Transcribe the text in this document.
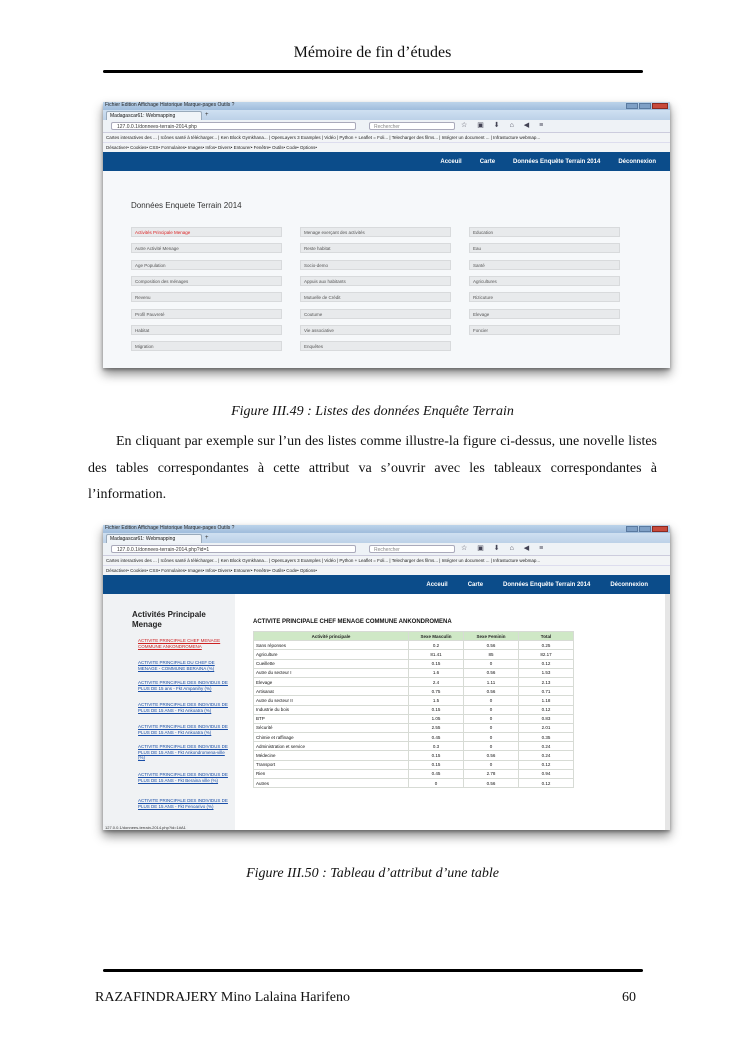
Mémoire de fin d’études
Fichier Édition Affichage Historique Marque-pages Outils ?
Madagascar61: Webmapping	+
127.0.0.1/donnees-terrain-2014.php	Rechercher	☆ ▣ ⬇ ⌂ ◀ ≡
Cartes interactives des ... | Icônes santé à télécharger... | Ken Block Gymkhana... | OpenLayers 3 Examples | Vidéo | Python + Leaflet = Foli... | Telecharger des films... | Intégrer un document ... | Infrastucture webmap...
Désactiver• Cookies• CSS• Formulaires• Images• Infos• Divers• Entourer• Fenêtre• Outils• Code• Options•
Acceuil	Carte	Données Enquête Terrain 2014	Déconnexion
Données Enquete Terrain 2014
Activités Principale Menage
Autre Activité Menage
Age Population
Composition des ménages
Revenu
Profil Pauvreté
Habitat
Migration
Menage exerçant des activités
Reste habitat
Socio-demo
Appuis aux habitants
Mutuelle de Crédit
Coutume
Vie associative
Enquêtes
Education
Eau
Santé
Agricultures
Rizicuture
Elevage
Foncier
Figure III.49 : Listes des données Enquête Terrain
En cliquant par exemple sur l’un des listes comme illustre-la figure ci-dessus, une novelle listes des tables correspondantes à cette attribut va s’ouvrir avec les tableaux correspondantes à l’information.
Fichier Édition Affichage Historique Marque-pages Outils ?
Madagascar61: Webmapping	+
127.0.0.1/donnees-terrain-2014.php?id=1	Rechercher	☆ ▣ ⬇ ⌂ ◀ ≡
Cartes interactives des ... | Icônes santé à télécharger... | Ken Block Gymkhana... | OpenLayers 3 Examples | Vidéo | Python + Leaflet = Foli... | Telecharger des films... | Intégrer un document ... | Infrastucture webmap...
Désactiver• Cookies• CSS• Formulaires• Images• Infos• Divers• Entourer• Fenêtre• Outils• Code• Options•
Acceuil	Carte	Données Enquête Terrain 2014	Déconnexion
Activités Principale Menage
ACTIVITE PRINCIPALE CHEF MENAGE COMMUNE ANKONDROMENA
ACTIVITE PRINCIPALE DU CHEF DE MENAGE - COMMUNE BERAINA (%)
ACTIVITE PRINCIPALE DES INDIVIDUS DE PLUS DE 15 ans - Fkt Ampanihy (%)
ACTIVITE PRINCIPALE DES INDIVIDUS DE PLUS DE 15 ANS - Fkt Ankoatra (%)
ACTIVITE PRINCIPALE DES INDIVIDUS DE PLUS DE 15 ANS - Fkt Ankoatra (%)
ACTIVITE PRINCIPALE DES INDIVIDUS DE PLUS DE 15 ANS - Fkt Ankondromena-ville (%)
ACTIVITE PRINCIPALE DES INDIVIDUS DE PLUS DE 15 ANS - Fkt Beraina ville (%)
ACTIVITE PRINCIPALE DES INDIVIDUS DE PLUS DE 15 ANS - Fkt Fenoarivo (%)
ACTIVITE PRINCIPALE CHEF MENAGE COMMUNE ANKONDROMENA
Activité principale	Sexe Masculin	Sexe Feminin	Total
Sans réponses	0.2	0.56	0.25
Agriculture	81.41	85	82.17
Cueillette	0.15	0	0.12
Autre du secteur I	1.6	0.56	1.53
Elevage	2.4	1.11	2.13
Artisanat	0.75	0.56	0.71
Autre du secteur II	1.5	0	1.18
Industrie du bois	0.15	0	0.12
BTP	1.05	0	0.83
Sécurité	2.55	0	2.01
Chimie et raffinage	0.45	0	0.35
Administration et service	0.3	0	0.24
Médecine	0.15	0.56	0.24
Transport	0.15	0	0.12
Rien	0.45	2.78	0.94
Autres	0	0.56	0.12
127.0.0.1/donnees-terrain-2014.php?id=1#A1
Figure III.50 : Tableau d’attribut d’une table
RAZAFINDRAJERY Mino Lalaina Harifeno	60
